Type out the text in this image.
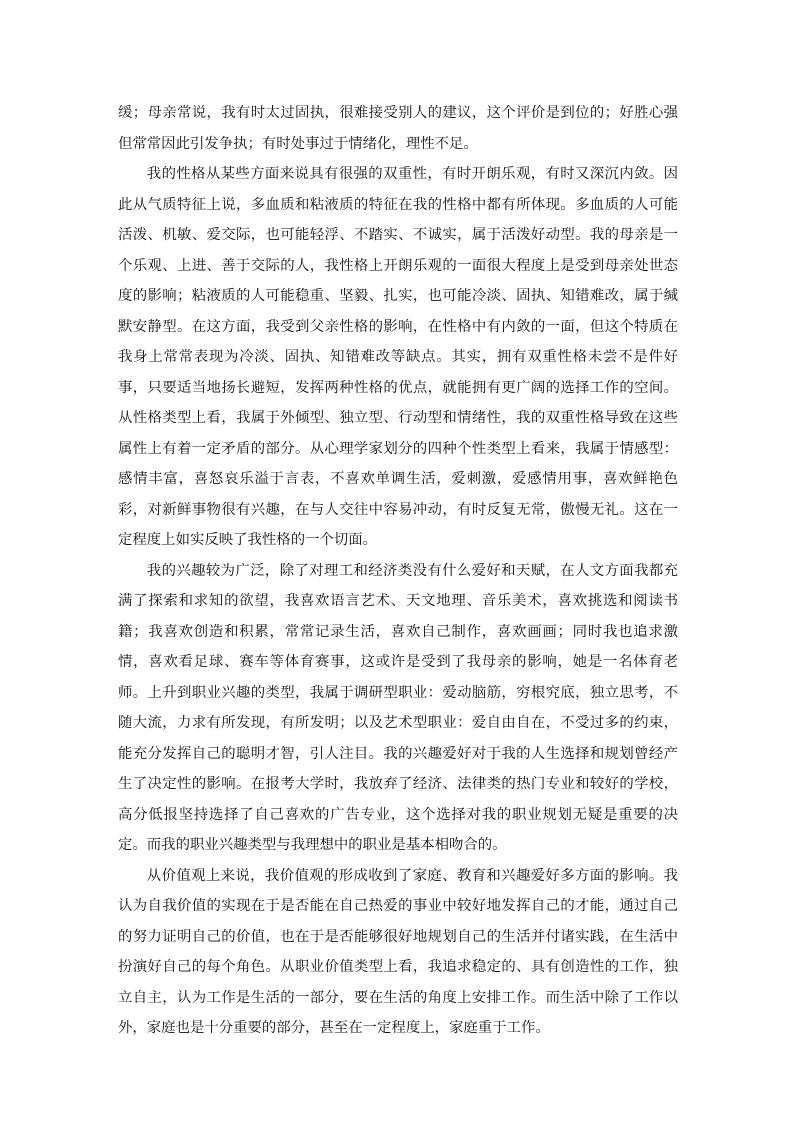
缓；母亲常说，我有时太过固执，很难接受别人的建议，这个评价是到位的；好胜心强但常常因此引发争执；有时处事过于情绪化，理性不足。

我的性格从某些方面来说具有很强的双重性，有时开朗乐观，有时又深沉内敛。因此从气质特征上说，多血质和粘液质的特征在我的性格中都有所体现。多血质的人可能活泼、机敏、爱交际，也可能轻浮、不踏实、不诚实，属于活泼好动型。我的母亲是一个乐观、上进、善于交际的人，我性格上开朗乐观的一面很大程度上是受到母亲处世态度的影响；粘液质的人可能稳重、坚毅、扎实，也可能冷淡、固执、知错难改，属于缄默安静型。在这方面，我受到父亲性格的影响，在性格中有内敛的一面，但这个特质在我身上常常表现为冷淡、固执、知错难改等缺点。其实，拥有双重性格未尝不是件好事，只要适当地扬长避短，发挥两种性格的优点，就能拥有更广阔的选择工作的空间。从性格类型上看，我属于外倾型、独立型、行动型和情绪性，我的双重性格导致在这些属性上有着一定矛盾的部分。从心理学家划分的四种个性类型上看来，我属于情感型：感情丰富，喜怒哀乐溢于言表，不喜欢单调生活，爱刺激，爱感情用事，喜欢鲜艳色彩，对新鲜事物很有兴趣，在与人交往中容易冲动，有时反复无常，傲慢无礼。这在一定程度上如实反映了我性格的一个切面。

我的兴趣较为广泛，除了对理工和经济类没有什么爱好和天赋，在人文方面我都充满了探索和求知的欲望，我喜欢语言艺术、天文地理、音乐美术，喜欢挑选和阅读书籍；我喜欢创造和积累，常常记录生活，喜欢自己制作，喜欢画画；同时我也追求激情，喜欢看足球、赛车等体育赛事，这或许是受到了我母亲的影响，她是一名体育老师。上升到职业兴趣的类型，我属于调研型职业：爱动脑筋，穷根究底，独立思考，不随大流，力求有所发现，有所发明；以及艺术型职业：爱自由自在，不受过多的约束，能充分发挥自己的聪明才智，引人注目。我的兴趣爱好对于我的人生选择和规划曾经产生了决定性的影响。在报考大学时，我放弃了经济、法律类的热门专业和较好的学校，高分低报坚持选择了自己喜欢的广告专业，这个选择对我的职业规划无疑是重要的决定。而我的职业兴趣类型与我理想中的职业是基本相吻合的。

从价值观上来说，我价值观的形成收到了家庭、教育和兴趣爱好多方面的影响。我认为自我价值的实现在于是否能在自己热爱的事业中较好地发挥自己的才能，通过自己的努力证明自己的价值，也在于是否能够很好地规划自己的生活并付诸实践，在生活中扮演好自己的每个角色。从职业价值类型上看，我追求稳定的、具有创造性的工作，独立自主，认为工作是生活的一部分，要在生活的角度上安排工作。而生活中除了工作以外，家庭也是十分重要的部分，甚至在一定程度上，家庭重于工作。
